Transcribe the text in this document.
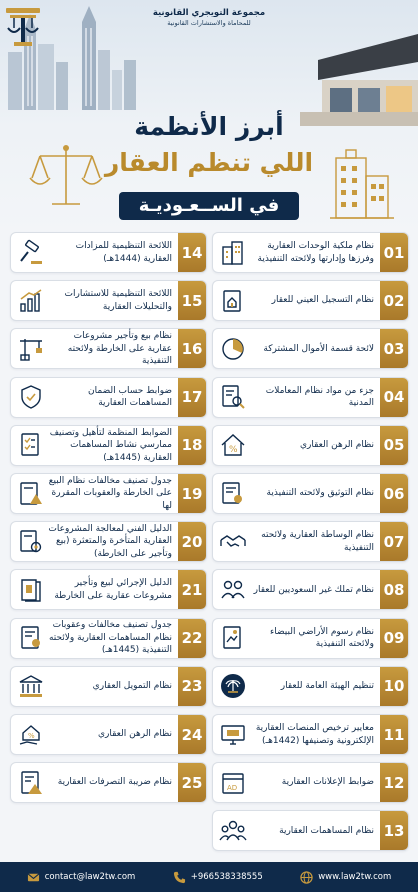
مجموعة التويجري القانونية
للمحاماة والاستشارات القانونية
أبرز الأنظمة
اللي تنظم العقار
في الســعـوديـة
نظام ملكية الوحدات العقارية وفرزها وإدارتها ولائحته التنفيذية 01
نظام التسجيل العيني للعقار 02
لائحة قسمة الأموال المشتركة 03
جزء من مواد نظام المعاملات المدنية 04
%
نظام الرهن العقاري 05
نظام التوثيق ولائحته التنفيذية 06
نظام الوساطة العقارية ولائحته التنفيذية 07
نظام تملك غير السعوديين للعقار 08
نظام رسوم الأراضي البيضاء ولائحته التنفيذية 09
تنظيم الهيئة العامة للعقار 10
معايير ترخيص المنصات العقارية الإلكترونية وتصنيفها (1442هـ) 11
AD
ضوابط الإعلانات العقارية 12
نظام المساهمات العقارية 13
اللائحة التنظيمية للمزادات العقارية (1444هـ) 14
اللائحة التنظيمية للاستشارات والتحليلات العقارية 15
نظام بيع وتأجير مشروعات عقارية على الخارطة ولائحته التنفيذية
16
ضوابط حساب الضمان المساهمات العقارية 17
الضوابط المنظمة لتأهيل وتصنيف ممارسي نشاط المساهمات العقارية (1445هـ)
18
جدول تصنيف مخالفات نظام البيع على الخارطة والعقوبات المقررة لها
19
الدليل الفني لمعالجة المشروعات العقارية المتأخرة والمتعثرة (بيع وتأجير على الخارطة)
20
الدليل الإجرائي لبيع وتأجير مشروعات عقارية على الخارطة 21
جدول تصنيف مخالفات وعقوبات نظام المساهمات العقارية ولائحته التنفيذية (1445هـ)
22
نظام التمويل العقاري 23
%	نظام الرهن العقاري 24
نظام ضريبة التصرفات العقارية 25
contact@law2tw.com	+966538338555	www.law2tw.com
